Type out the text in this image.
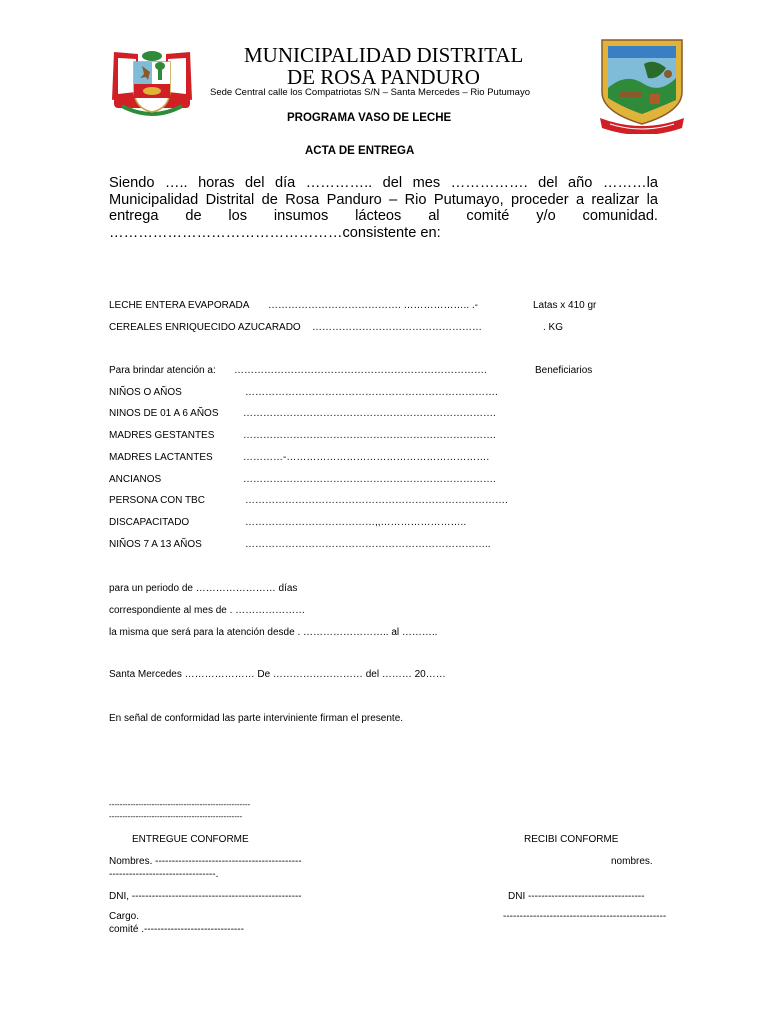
MUNICIPALIDAD DISTRITAL
DE ROSA PANDURO
Sede Central calle los Compatriotas S/N – Santa Mercedes – Rio Putumayo
PROGRAMA VASO DE LECHE
ACTA DE ENTREGA
Siendo ….. horas del día ………….. del mes ……………. del año ………la
Municipalidad Distrital de Rosa Panduro – Rio Putumayo, proceder a realizar la
entrega de los insumos lácteos al comité y/o comunidad.
…………………………………………consistente en:
LECHE ENTERA EVAPORADA …………………………………. ……………….. .-	Latas x 410 gr
CEREALES ENRIQUECIDO AZUCARADO ……………………………………………	. KG
Para brindar atención a: ………………………………………………………………….	Beneficiarios
NIÑOS O AÑOS	………………………………………………………………….
NINOS DE 01 A 6 AÑOS ………………………………………………………………….
MADRES GESTANTES	………………………………………………………………….
MADRES LACTANTES	…………-…………………………………………………….
ANCIANOS	………………………………………………………………….
PERSONA CON TBC	…………………………………………………………………….
DISCAPACITADO	…………………………………,,……………………..
NIÑOS 7 A 13 AÑOS	………………………………………………………………..
para un periodo de …………………… días
correspondiente al mes de . …………………
la misma que será para la atención desde . …………………….. al ………..
Santa Mercedes ………………… De ……………………… del ……… 20……
En señal de conformidad las parte interviniente firman el presente.
-----------------------------------------------------
--------------------------------------------------
ENTREGUE CONFORME	RECIBI CONFORME
Nombres. --------------------------------------------	nombres.
--------------------------------.
DNI, ---------------------------------------------------	DNI -----------------------------------
Cargo.	-------------------------------------------------
comité .------------------------------
